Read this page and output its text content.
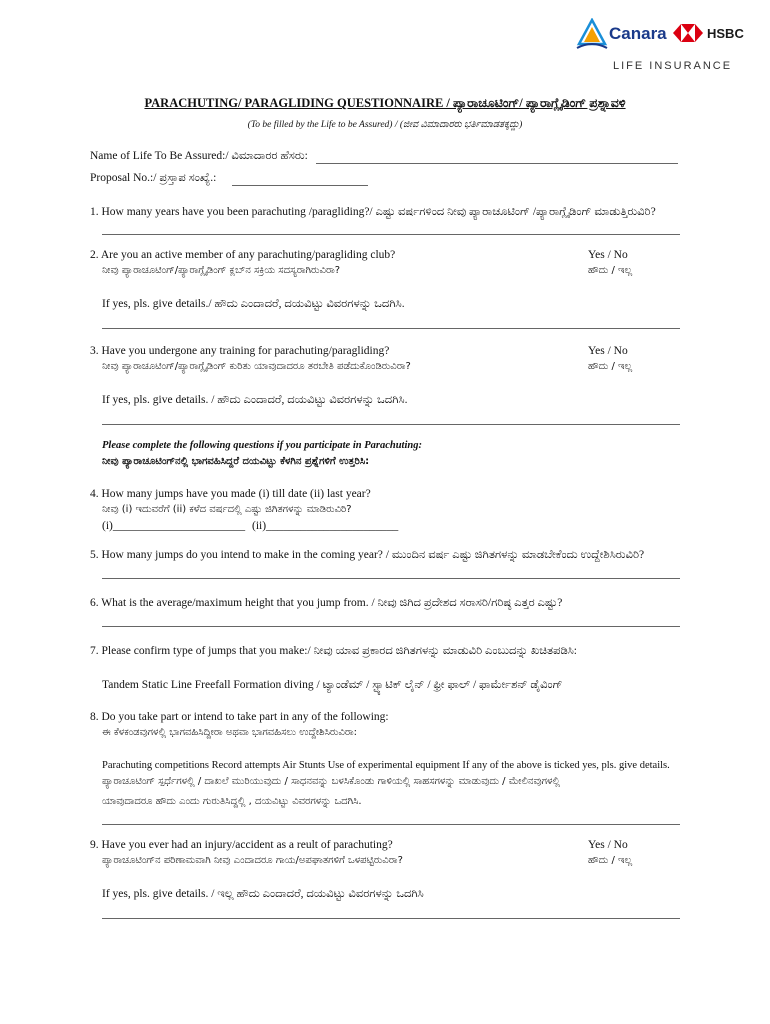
Canara	HSBC
LIFE INSURANCE
PARACHUTING/ PARAGLIDING QUESTIONNAIRE / ಪ್ಯಾರಾಚೂಟಿಂಗ್/ ಪ್ಯಾರಾಗ್ಲೈಡಿಂಗ್ ಪ್ರಶ್ನಾವಳಿ
(To be filled by the Life to be Assured) / (ಜೀವ ವಿಮಾದಾರರು ಭರ್ತಿಮಾಡತಕ್ಕದ್ದು)
Name of Life To Be Assured:/ ವಿಮಾದಾರರ ಹೆಸರು:
Proposal No.:/ ಪ್ರಸ್ತಾಪ ಸಂಖ್ಯೆ.:
1. How many years have you been parachuting /paragliding?/ ಎಷ್ಟು ವರ್ಷಗಳಿಂದ ನೀವು ಪ್ಯಾರಾಚೂಟಿಂಗ್ /ಪ್ಯಾರಾಗ್ಲೈಡಿಂಗ್ ಮಾಡುತ್ತಿರುವಿರಿ?
2. Are you an active member of any parachuting/paragliding club?
ನೀವು ಪ್ಯಾರಾಚೂಟಿಂಗ್/ಪ್ಯಾರಾಗ್ಲೈಡಿಂಗ್ ಕ್ಲಬ್‌ನ ಸಕ್ರಿಯ ಸದಸ್ಯರಾಗಿರುವಿರಾ?
Yes / No
ಹೌದು / ಇಲ್ಲ
If yes, pls. give details./ ಹೌದು ಎಂದಾದರೆ, ದಯವಿಟ್ಟು ವಿವರಗಳನ್ನು ಒದಗಿಸಿ.
3. Have you undergone any training for parachuting/paragliding?
ನೀವು ಪ್ಯಾರಾಚೂಟಿಂಗ್/ಪ್ಯಾರಾಗ್ಲೈಡಿಂಗ್ ಕುರಿತು ಯಾವುದಾದರೂ ತರಬೇತಿ ಪಡೆದುಕೊಂಡಿರುವಿರಾ?
Yes / No
ಹೌದು / ಇಲ್ಲ
If yes, pls. give details. / ಹೌದು ಎಂದಾದರೆ, ದಯವಿಟ್ಟು ವಿವರಗಳನ್ನು ಒದಗಿಸಿ.
Please complete the following questions if you participate in Parachuting:
ನೀವು ಪ್ಯಾರಾಚೂಟಿಂಗ್‌ನಲ್ಲಿ ಭಾಗವಹಿಸಿದ್ದರೆ ದಯವಿಟ್ಟು ಕೆಳಗಿನ ಪ್ರಶ್ನೆಗಳಿಗೆ ಉತ್ತರಿಸಿ:
4. How many jumps have you made (i) till date (ii) last year?
ನೀವು (i) ಇದುವರೆಗೆ (ii) ಕಳೆದ ವರ್ಷದಲ್ಲಿ ಎಷ್ಟು ಜಿಗಿತಗಳನ್ನು ಮಾಡಿರುವಿರಿ?
(i)_______________________ (ii)_______________________
5. How many jumps do you intend to make in the coming year? / ಮುಂದಿನ ವರ್ಷ ಎಷ್ಟು ಜಿಗಿತಗಳನ್ನು ಮಾಡಬೇಕೆಂದು ಉದ್ದೇಶಿಸಿರುವಿರಿ?
6. What is the average/maximum height that you jump from. / ನೀವು ಜಿಗಿದ ಪ್ರದೇಶದ ಸರಾಸರಿ/ಗರಿಷ್ಠ ಎತ್ತರ ಎಷ್ಟು?
7. Please confirm type of jumps that you make:/ ನೀವು ಯಾವ ಪ್ರಕಾರದ ಜಿಗಿತಗಳನ್ನು ಮಾಡುವಿರಿ ಎಂಬುದನ್ನು ಖಚಿತಪಡಿಸಿ:
Tandem Static Line Freefall Formation diving / ಟ್ಯಾಂಡೆಮ್ / ಸ್ಟ್ಯಾಟಿಕ್ ಲೈನ್ / ಫ್ರೀ ಫಾಲ್ / ಫಾರ್ಮೇಶನ್ ಡೈವಿಂಗ್
8. Do you take part or intend to take part in any of the following:
ಈ ಕೆಳಕಂಡವುಗಳಲ್ಲಿ ಭಾಗವಹಿಸಿದ್ದೀರಾ ಅಥವಾ ಭಾಗವಹಿಸಲು ಉದ್ದೇಶಿಸಿರುವಿರಾ:
Parachuting competitions Record attempts Air Stunts Use of experimental equipment If any of the above is ticked yes, pls. give details.
ಪ್ಯಾರಾಚೂಟಿಂಗ್ ಸ್ಪರ್ಧೆಗಳಲ್ಲಿ / ದಾಖಲೆ ಮುರಿಯುವುದು / ಸಾಧನವನ್ನು ಬಳಸಿಕೊಂಡು ಗಾಳಿಯಲ್ಲಿ ಸಾಹಸಗಳನ್ನು ಮಾಡುವುದು / ಮೇಲಿನವುಗಳಲ್ಲಿ
ಯಾವುದಾದರೂ ಹೌದು ಎಂದು ಗುರುತಿಸಿದ್ದಲ್ಲಿ , ದಯವಿಟ್ಟು ವಿವರಗಳನ್ನು ಒದಗಿಸಿ.
9. Have you ever had an injury/accident as a reult of parachuting?
ಪ್ಯಾರಾಚೂಟಿಂಗ್‌ನ ಪರಿಣಾಮವಾಗಿ ನೀವು ಎಂದಾದರೂ ಗಾಯ/ಅಪಘಾತಗಳಿಗೆ ಒಳಪಟ್ಟಿರುವಿರಾ?
Yes / No
ಹೌದು / ಇಲ್ಲ
If yes, pls. give details. / ಇಲ್ಲ ಹೌದು ಎಂದಾದರೆ, ದಯವಿಟ್ಟು ವಿವರಗಳನ್ನು ಒದಗಿಸಿ
